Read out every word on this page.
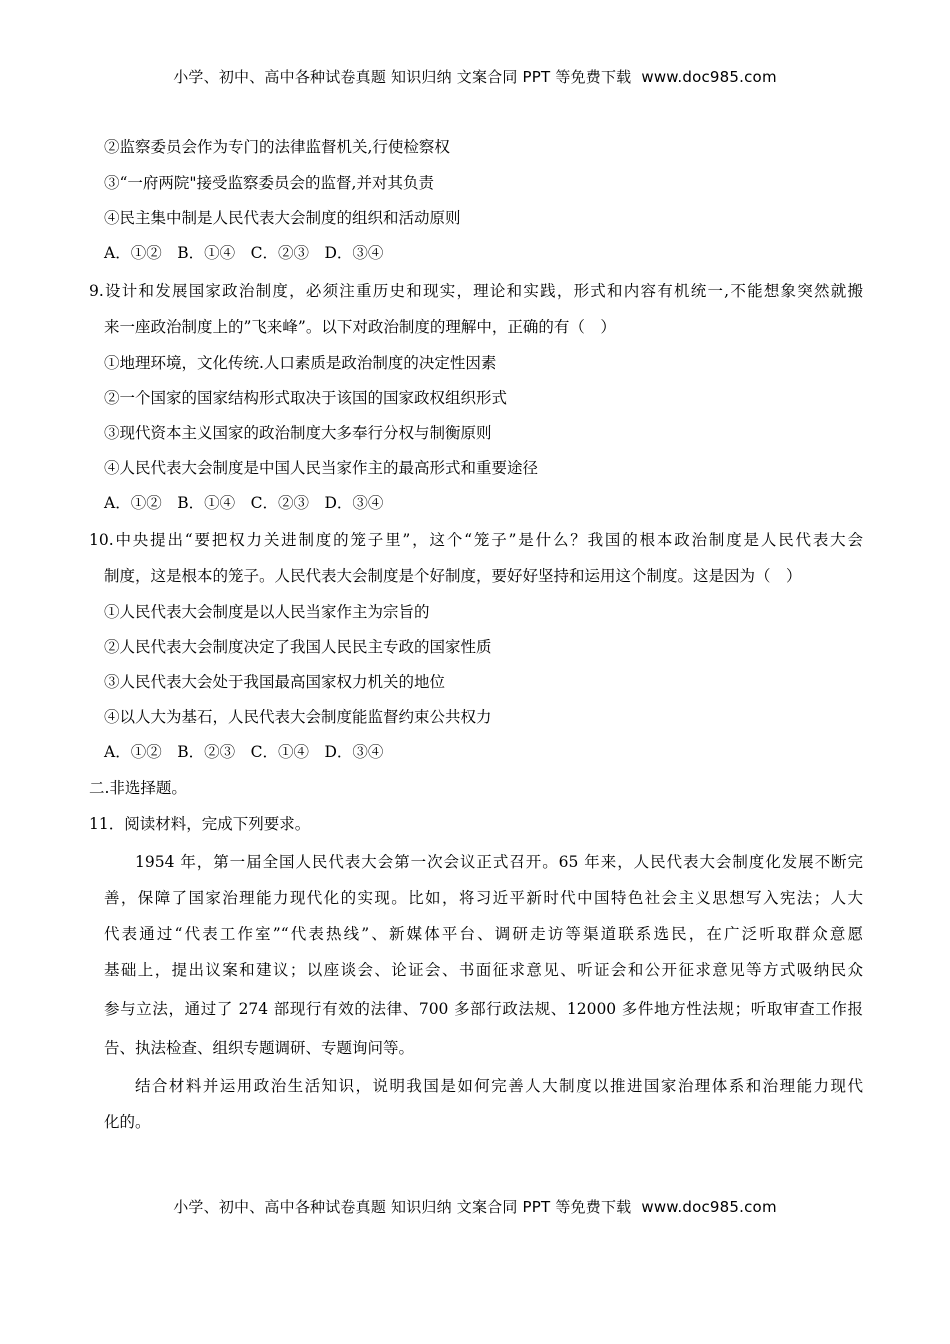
小学、初中、高中各种试卷真题 知识归纳 文案合同 PPT 等免费下载 www.doc985.com
②监察委员会作为专门的法律监督机关,行使检察权
③“一府两院"接受监察委员会的监督,并对其负责
④民主集中制是人民代表大会制度的组织和活动原则
A．①②　B．①④　C．②③　D．③④
9.设计和发展国家政治制度，必须注重历史和现实，理论和实践，形式和内容有机统一,不能想象突然就搬
来一座政治制度上的”飞来峰”。以下对政治制度的理解中，正确的有（　）
①地理环境，文化传统.人口素质是政治制度的决定性因素
②一个国家的国家结构形式取决于该国的国家政权组织形式
③现代资本主义国家的政治制度大多奉行分权与制衡原则
④人民代表大会制度是中国人民当家作主的最高形式和重要途径
A．①②　B．①④　C．②③　D．③④
10.中央提出“要把权力关进制度的笼子里”，这个“笼子”是什么？我国的根本政治制度是人民代表大会
制度，这是根本的笼子。人民代表大会制度是个好制度，要好好坚持和运用这个制度。这是因为（　）
①人民代表大会制度是以人民当家作主为宗旨的
②人民代表大会制度决定了我国人民民主专政的国家性质
③人民代表大会处于我国最高国家权力机关的地位
④以人大为基石，人民代表大会制度能监督约束公共权力
A．①②　B．②③　C．①④　D．③④
二.非选择题。
11．阅读材料，完成下列要求。
1954 年，第一届全国人民代表大会第一次会议正式召开。65 年来，人民代表大会制度化发展不断完
善，保障了国家治理能力现代化的实现。比如，将习近平新时代中国特色社会主义思想写入宪法；人大
代表通过“代表工作室”“代表热线”、新媒体平台、调研走访等渠道联系选民，在广泛听取群众意愿
基础上，提出议案和建议；以座谈会、论证会、书面征求意见、听证会和公开征求意见等方式吸纳民众
参与立法，通过了 274 部现行有效的法律、700 多部行政法规、12000 多件地方性法规；听取审查工作报
告、执法检查、组织专题调研、专题询问等。
结合材料并运用政治生活知识，说明我国是如何完善人大制度以推进国家治理体系和治理能力现代
化的。
小学、初中、高中各种试卷真题 知识归纳 文案合同 PPT 等免费下载 www.doc985.com
